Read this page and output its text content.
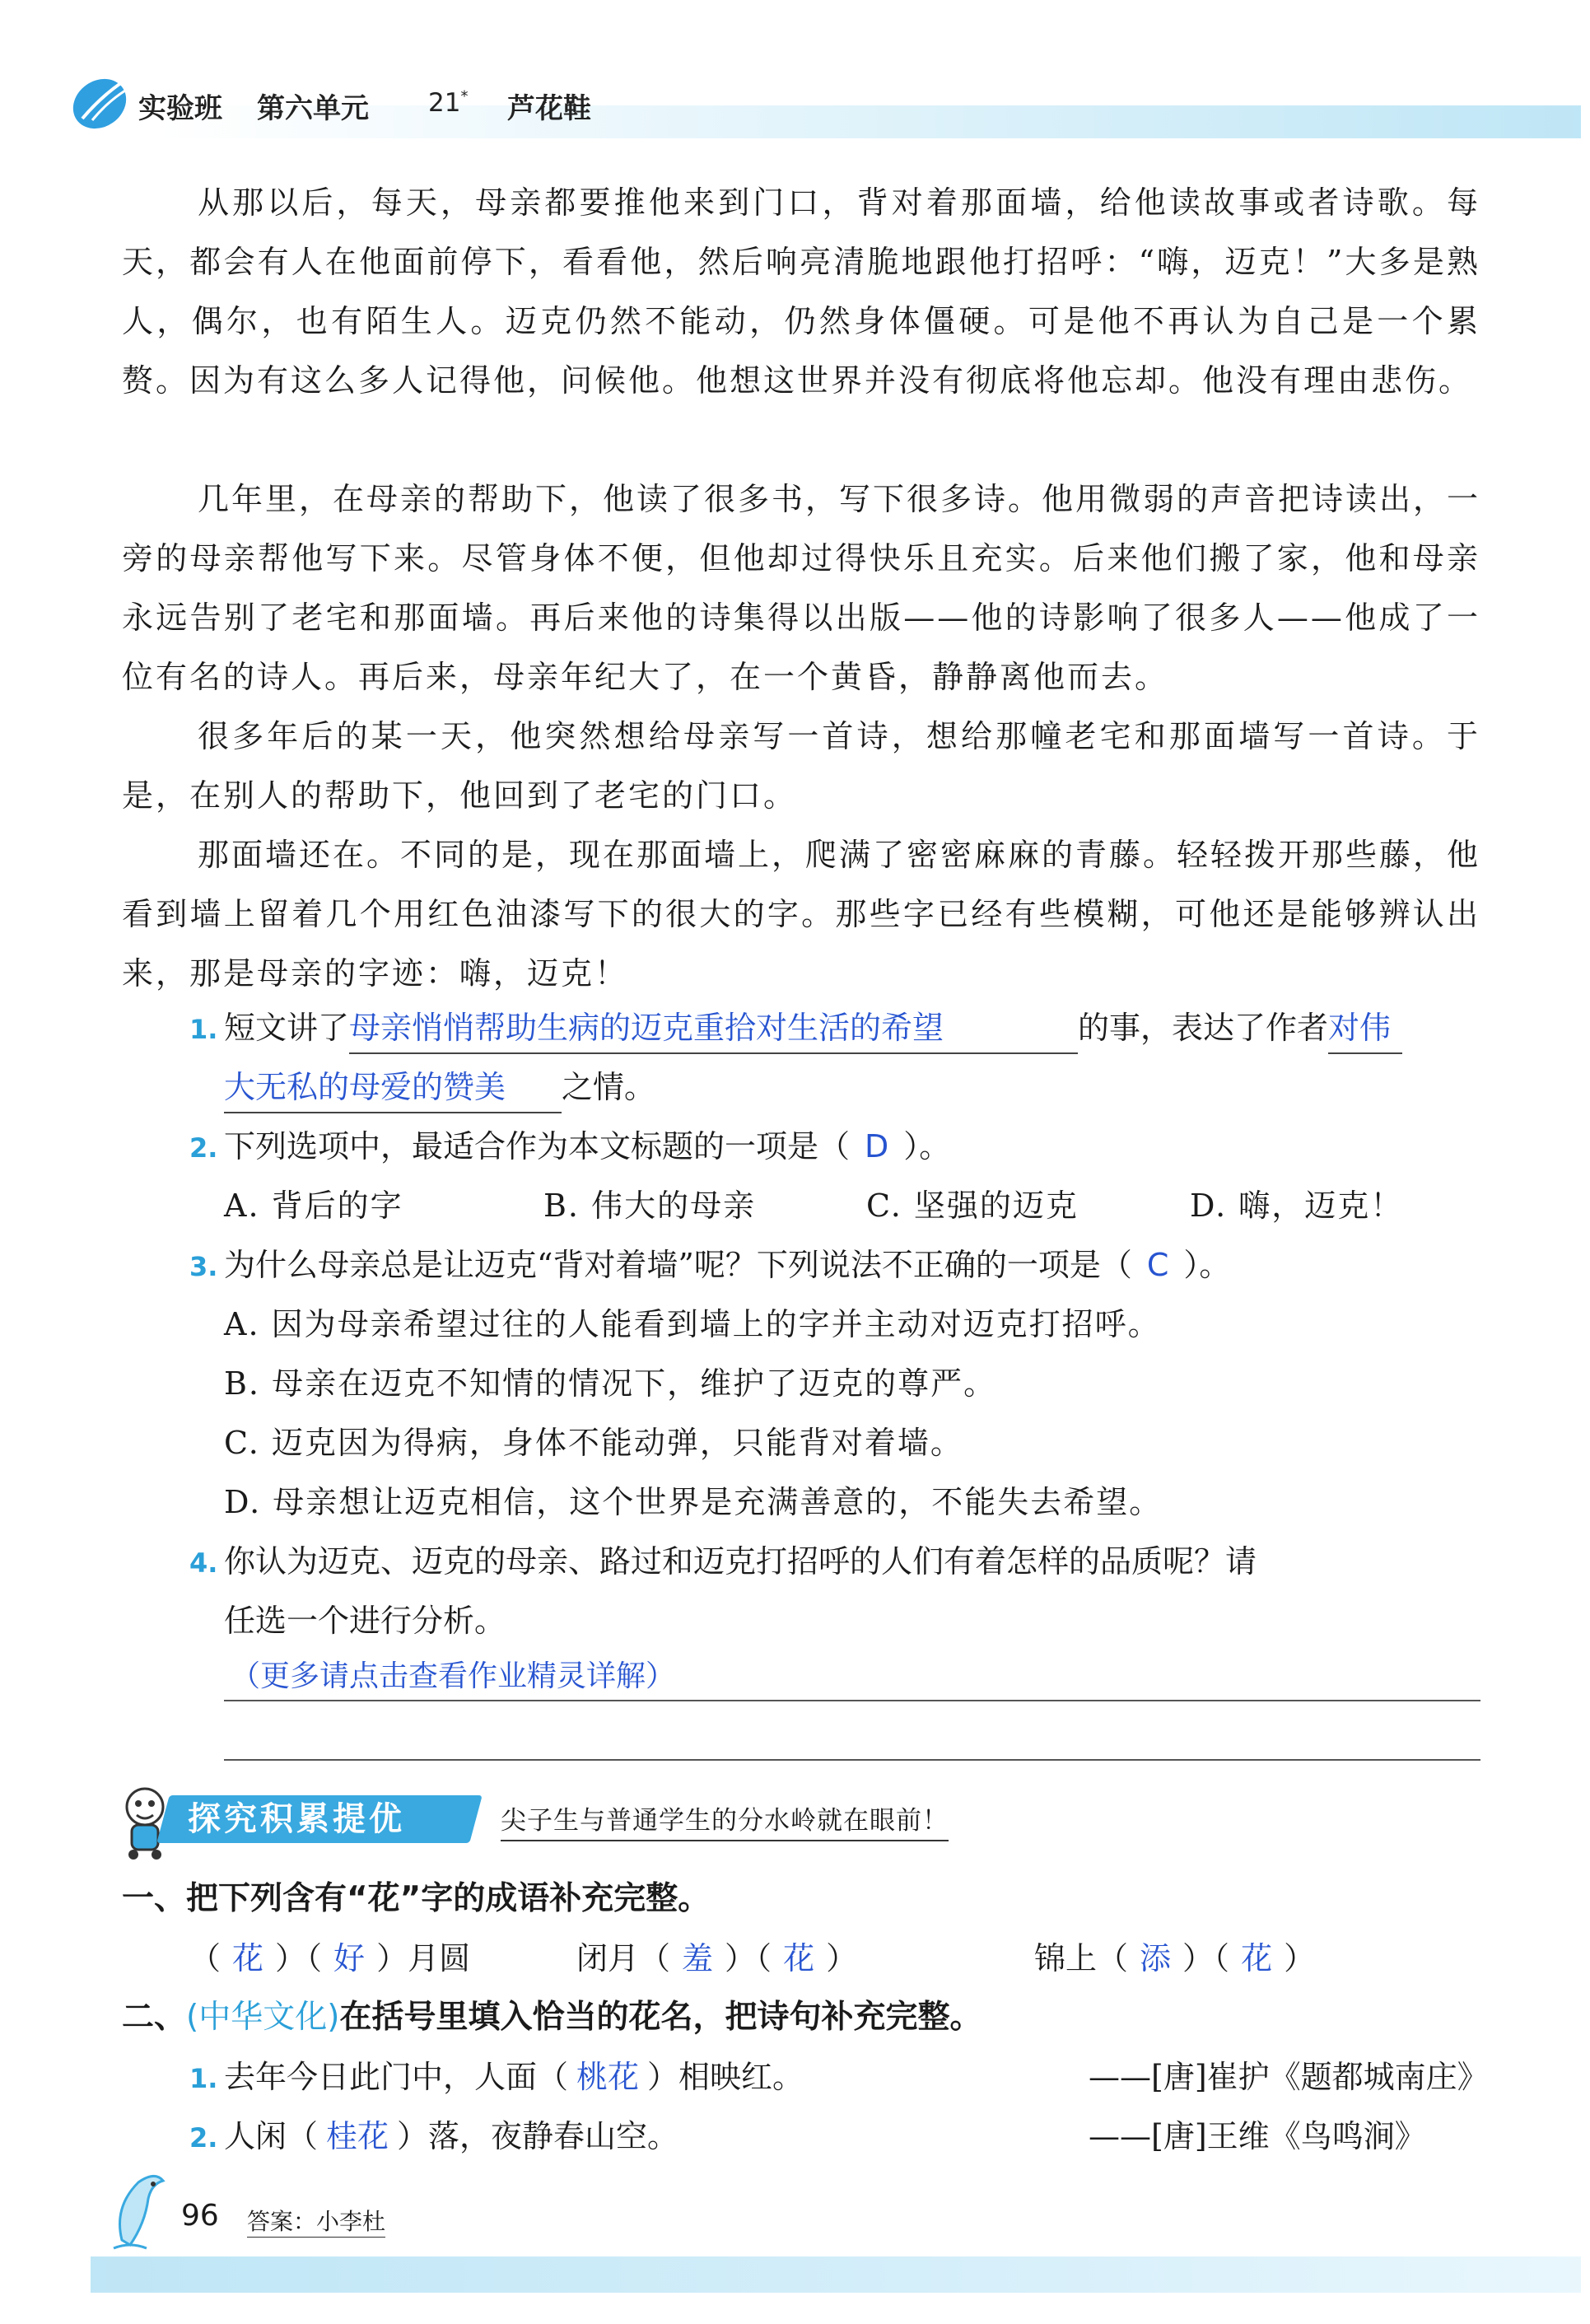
实验班 第六单元 21* 芦花鞋

从那以后，每天，母亲都要推他来到门口，背对着那面墙，给他读故事或者诗歌。每天，都会有人在他面前停下，看看他，然后响亮清脆地跟他打招呼：“嗨，迈克！”大多是熟人，偶尔，也有陌生人。迈克仍然不能动，仍然身体僵硬。可是他不再认为自己是一个累赘。因为有这么多人记得他，问候他。他想这世界并没有彻底将他忘却。他没有理由悲伤。

几年里，在母亲的帮助下，他读了很多书，写下很多诗。他用微弱的声音把诗读出，一旁的母亲帮他写下来。尽管身体不便，但他却过得快乐且充实。后来他们搬了家，他和母亲永远告别了老宅和那面墙。再后来他的诗集得以出版——他的诗影响了很多人——他成了一位有名的诗人。再后来，母亲年纪大了，在一个黄昏，静静离他而去。

很多年后的某一天，他突然想给母亲写一首诗，想给那幢老宅和那面墙写一首诗。于是，在别人的帮助下，他回到了老宅的门口。

那面墙还在。不同的是，现在那面墙上，爬满了密密麻麻的青藤。轻轻拨开那些藤，他看到墙上留着几个用红色油漆写下的很大的字。那些字已经有些模糊，可他还是能够辨认出来，那是母亲的字迹：嗨，迈克！

1. 短文讲了母亲悄悄帮助生病的迈克重拾对生活的希望	的事，表达了作者对伟
大无私的母爱的赞美 之情。
2. 下列选项中，最适合作为本文标题的一项是（ D ）。
A. 背后的字	B. 伟大的母亲	C. 坚强的迈克	D. 嗨，迈克！
3. 为什么母亲总是让迈克“背对着墙”呢？下列说法不正确的一项是（ C ）。
A. 因为母亲希望过往的人能看到墙上的字并主动对迈克打招呼。
B. 母亲在迈克不知情的情况下，维护了迈克的尊严。
C. 迈克因为得病，身体不能动弹，只能背对着墙。
D. 母亲想让迈克相信，这个世界是充满善意的，不能失去希望。
4. 你认为迈克、迈克的母亲、路过和迈克打招呼的人们有着怎样的品质呢？请
任选一个进行分析。
（更多请点击查看作业精灵详解）
探究积累提优	尖子生与普通学生的分水岭就在眼前！
一、把下列含有“花”字的成语补充完整。
（ 花 ）（ 好 ）月圆	闭月（ 羞 ）（ 花 ）	锦上（ 添 ）（ 花 ）
二、(中华文化)在括号里填入恰当的花名，把诗句补充完整。
1. 去年今日此门中，人面（ 桃花 ）相映红。	——[唐]崔护《题都城南庄》
2. 人闲（ 桂花 ）落，夜静春山空。	——[唐]王维《鸟鸣涧》
96 答案：小李杜
